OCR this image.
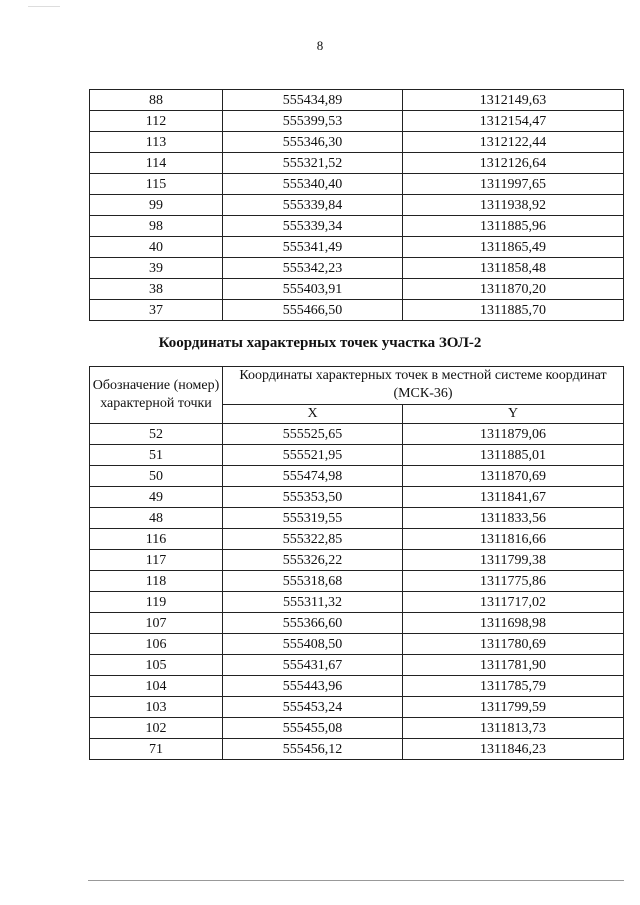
8
88	555434,89	1312149,63
112	555399,53	1312154,47
113	555346,30	1312122,44
114	555321,52	1312126,64
115	555340,40	1311997,65
99	555339,84	1311938,92
98	555339,34	1311885,96
40	555341,49	1311865,49
39	555342,23	1311858,48
38	555403,91	1311870,20
37	555466,50	1311885,70
Координаты характерных точек участка ЗОЛ-2
Обозначение (номер) характерной точки	Координаты характерных точек в местной системе координат (МСК-36)	
	X	Y
52	555525,65	1311879,06
51	555521,95	1311885,01
50	555474,98	1311870,69
49	555353,50	1311841,67
48	555319,55	1311833,56
116	555322,85	1311816,66
117	555326,22	1311799,38
118	555318,68	1311775,86
119	555311,32	1311717,02
107	555366,60	1311698,98
106	555408,50	1311780,69
105	555431,67	1311781,90
104	555443,96	1311785,79
103	555453,24	1311799,59
102	555455,08	1311813,73
71	555456,12	1311846,23
